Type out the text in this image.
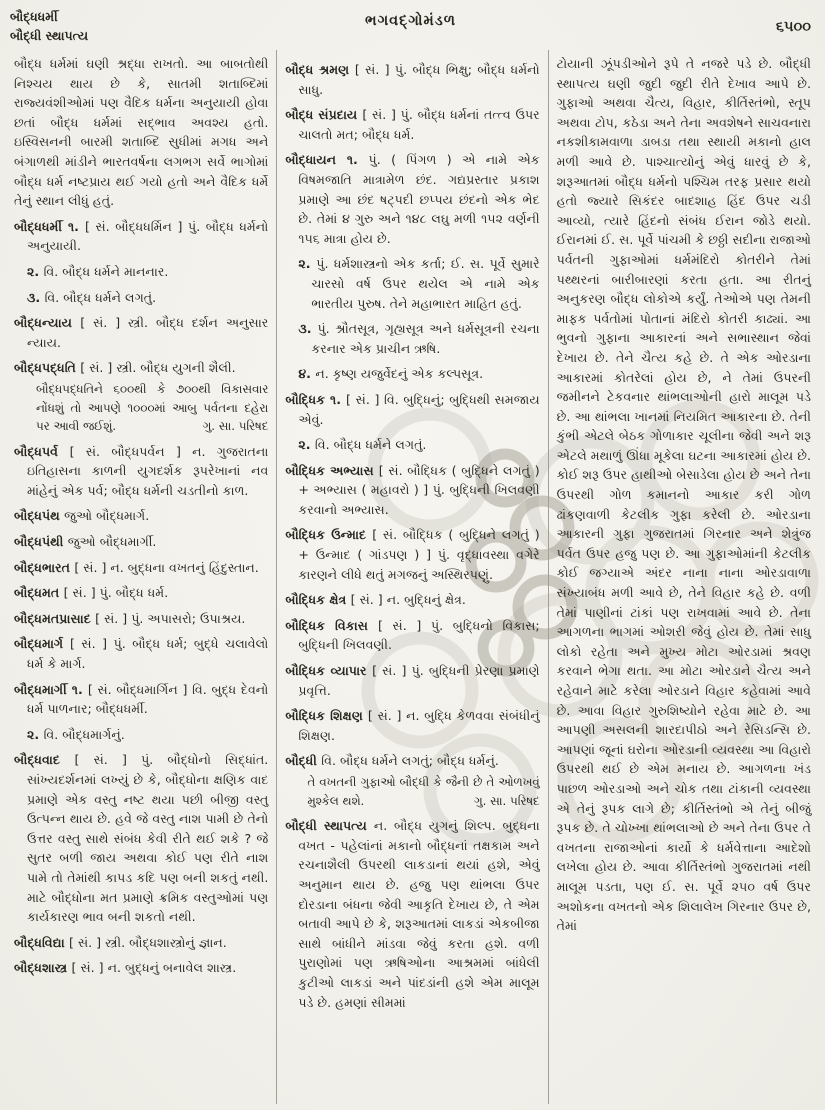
બૌદ્ધધર્મી
બૌદ્ધી સ્થાપત્ય
ભગવદ્‌ગોમંડળ	૬૫૦૦
બૌદ્ધ ધર્મમાં ઘણી શ્રદ્ધા રાખતો. આ બાબતોથી નિશ્ચય થાય છે કે, સાતમી શતાબ્દિમાં રાજ્યવંશીઓમાં પણ વૈદિક ધર્મના અનુયાયી હોવા છતાં બૌદ્ધ ધર્મમાં સદ્ભાવ અવશ્ય હતો. ઇસ્વિસનની બારમી શતાબ્દિ સુધીમાં મગધ અને બંગાળથી માંડીને ભારતવર્ષના લગભગ સર્વે ભાગોમાં બૌદ્ધ ધર્મ નષ્ટપ્રાય થઈ ગયો હતો અને વૈદિક ધર્મે તેનું સ્થાન લીધું હતું.
બૌદ્ધધર્મી ૧. [ સં. બૌદ્ધધર્મિન ] પું. બૌદ્ધ ધર્મનો અનુયાયી.
૨. વિ. બૌદ્ધ ધર્મને માનનાર.
૩. વિ. બૌદ્ધ ધર્મને લગતું.
બૌદ્ધન્યાય [ સં. ] સ્ત્રી. બૌદ્ધ દર્શન અનુસાર ન્યાય.
બૌદ્ધપદ્ધતિ [ સં. ] સ્ત્રી. બૌદ્ધ યુગની શૈલી.
બૌદ્ધપદ્ધતિને ૬૦૦થી કે ૭૦૦થી વિકાસવાર નોંધશું તો આપણે ૧૦૦૦માં આબુ પર્વતના દહેરા પર આવી જઈશું.	ગુ. સા. પરિષદ
બૌદ્ધપર્વ [ સં. બૌદ્ધપર્વન ] ન. ગુજરાતના ઇતિહાસના કાળની યુગદર્શક રૂપરેખાનાં નવ માંહેનું એક પર્વ; બૌદ્ધ ધર્મની ચડતીનો કાળ.
બૌદ્ધપંથ જુઓ બૌદ્ધમાર્ગ.
બૌદ્ધપંથી જુઓ બૌદ્ધમાર્ગી.
બૌદ્ધભારત [ સં. ] ન. બુદ્ધના વખતનું હિંદુસ્તાન.
બૌદ્ધમત [ સં. ] પું. બૌદ્ધ ધર્મ.
બૌદ્ધમતપ્રાસાદ [ સં. ] પું. અપાસરો; ઉપાશ્રય.
બૌદ્ધમાર્ગ [ સં. ] પું. બૌદ્ધ ધર્મ; બુદ્ધે ચલાવેલો ધર્મ કે માર્ગ.
બૌદ્ધમાર્ગી ૧. [ સં. બૌદ્ધમાર્ગિન ] વિ. બુદ્ધ દેવનો ધર્મ પાળનાર; બૌદ્ધધર્મી.
૨. વિ. બૌદ્ધમાર્ગનું.
બૌદ્ધવાદ [ સં. ] પું. બૌદ્ધોનો સિદ્ધાંત. સાંખ્યદર્શનમાં લખ્યું છે કે, બૌદ્ધોના ક્ષણિક વાદ પ્રમાણે એક વસ્તુ નષ્ટ થયા પછી બીજી વસ્તુ ઉત્પન્ન થાય છે. હવે જે વસ્તુ નાશ પામી છે તેનો ઉત્તર વસ્તુ સાથે સંબંધ કેવી રીતે થઈ શકે ? જે સુતર બળી જાય અથવા કોઈ પણ રીતે નાશ પામે તો તેમાંથી કાપડ કદિ પણ બની શકતું નથી. માટે બૌદ્ધોના મત પ્રમાણે ક્રમિક વસ્તુઓમાં પણ કાર્યકારણ ભાવ બની શકતો નથી.
બૌદ્ધવિદ્યા [ સં. ] સ્ત્રી. બૌદ્ધશાસ્ત્રોનું જ્ઞાન.
બૌદ્ધશાસ્ત્ર [ સં. ] ન. બુદ્ધનું બનાવેલ શાસ્ત્ર.
બૌદ્ધ શ્રમણ [ સં. ] પું. બૌદ્ધ ભિક્ષુ; બૌદ્ધ ધર્મનો સાધુ.
બૌદ્ધ સંપ્રદાય [ સં. ] પું. બૌદ્ધ ધર્મનાં તત્ત્વ ઉપર ચાલતો મત; બૌદ્ધ ધર્મ.
બૌદ્ધાયન ૧. પું. ( પિંગળ ) એ નામે એક વિષમજાતિ માત્રામેળ છંદ. ગદ્યપ્રસ્તાર પ્રકાશ પ્રમાણે આ છંદ ષટ્પદી છપ્પય છંદનો એક ભેદ છે. તેમાં ૪ ગુરુ અને ૧૪૮ લઘુ મળી ૧૫૨ વર્ણની ૧૫૬ માત્રા હોય છે.
૨. પું. ધર્મશાસ્ત્રનો એક કર્તા; ઈ. સ. પૂર્વે સુમારે ચારસો વર્ષ ઉપર થયેલ એ નામે એક ભારતીય પુરુષ. તેને મહાભારત માહિત હતું.
૩. પું. શ્રૌતસૂત્ર, ગૃહ્યસૂત્ર અને ધર્મસૂત્રની રચના કરનાર એક પ્રાચીન ઋષિ.
૪. ન. કૃષ્ણ યજુર્વેદનું એક કલ્પસૂત્ર.
બૌદ્ધિક ૧. [ સં. ] વિ. બુદ્ધિનું; બુદ્ધિથી સમજાય એવું.
૨. વિ. બૌદ્ધ ધર્મને લગતું.
બૌદ્ધિક અભ્યાસ [ સં. બૌદ્ધિક ( બુદ્ધિને લગતું ) + અભ્યાસ ( મહાવરો ) ] પું. બુદ્ધિની ખિલવણી કરવાનો અભ્યાસ.
બૌદ્ધિક ઉન્માદ [ સં. બૌદ્ધિક ( બુદ્ધિને લગતું ) + ઉન્માદ ( ગાંડપણ ) ] પું. વૃદ્ધાવસ્થા વગેરે કારણને લીધે થતું મગજનું અસ્થિરપણું.
બૌદ્ધિક ક્ષેત્ર [ સં. ] ન. બુદ્ધિનું ક્ષેત્ર.
બૌદ્ધિક વિકાસ [ સં. ] પું. બુદ્ધિનો વિકાસ; બુદ્ધિની ખિલવણી.
બૌદ્ધિક વ્યાપાર [ સં. ] પું. બુદ્ધિની પ્રેરણા પ્રમાણે પ્રવૃત્તિ.
બૌદ્ધિક શિક્ષણ [ સં. ] ન. બુદ્ધિ કેળવવા સંબંધીનું શિક્ષણ.
બૌદ્ધી વિ. બૌદ્ધ ધર્મને લગતું; બૌદ્ધ ધર્મનું.
તે વખતની ગુફાઓ બૌદ્ધી કે જૈની છે તે ઓળખવું મુશ્કેલ થશે.	ગુ. સા. પરિષદ
બૌદ્ધી સ્થાપત્ય ન. બૌદ્ધ યુગનું શિલ્પ. બુદ્ધના વખત - પહેલાંનાં મકાનો બૌદ્ધનાં તક્ષકામ અને રચનાશૈલી ઉપરથી લાકડાનાં થયાં હશે, એવું અનુમાન થાય છે. હજુ પણ થાંભલા ઉપર દોરડાના બંધના જેવી આકૃતિ દેખાય છે, તે એમ બતાવી આપે છે કે, શરૂઆતમાં લાકડાં એકબીજા સાથે બાંધીને માંડવા જેવું કરતા હશે. વળી પુરાણોમાં પણ ઋષિઓના આશ્રમમાં બાંધેલી કુટીઓ લાકડાં અને પાંદડાંની હશે એમ માલૂમ પડે છે. હમણાં સીમમાં
ટોયાની ઝૂંપડીઓને રૂપે તે નજરે પડે છે. બૌદ્ધી સ્થાપત્ય ઘણી જુદી જુદી રીતે દેખાવ આપે છે. ગુફાઓ અથવા ચૈત્ય, વિહાર, કીર્તિસ્તંભો, સ્તૂપ અથવા ટોપ, કઠેડા અને તેના અવશેષને સાચવનારા નકશીકામવાળા ડાબડા તથા સ્થાયી મકાનો હાલ મળી આવે છે. પાશ્ચાત્યોનું એવું ધારવું છે કે, શરૂઆતમાં બૌદ્ધ ધર્મનો પશ્ચિમ તરફ પ્રસાર થયો હતો જ્યારે સિકંદર બાદશાહ હિંદ ઉપર ચડી આવ્યો, ત્યારે હિંદનો સંબંધ ઈરાન જોડે થયો. ઈરાનમાં ઈ. સ. પૂર્વે પાંચમી કે છઠ્ઠી સદીના રાજાઓ પર્વતની ગુફાઓમાં ધર્મમંદિરો કોતરીને તેમાં પથ્થરનાં બારીબારણાં કરતા હતા. આ રીતનું અનુકરણ બૌદ્ધ લોકોએ કર્યું. તેઓએ પણ તેમની માફક પર્વતોમાં પોતાનાં મંદિરો કોતરી કાઢ્યાં. આ ભુવનો ગુફાના આકારનાં અને સભાસ્થાન જેવાં દેખાય છે. તેને ચૈત્ય કહે છે. તે એક ઓરડાના આકારમાં કોતરેલાં હોય છે, ને તેમાં ઉપરની જમીનને ટેકવનાર થાંભલાઓની હારો માલૂમ પડે છે. આ થાંભલા ખાનમાં નિયમિત આકારના છે. તેની કુંભી એટલે બેઠક ગોળાકાર ચૂલીના જેવી અને શરૂ એટલે મથાળું ઊંધા મૂકેલા ઘટના આકારમાં હોય છે. કોઈ શરૂ ઉપર હાથીઓ બેસાડેલા હોય છે અને તેના ઉપરથી ગોળ કમાનનો આકાર કરી ગોળ ઢાંકણવાળી કેટલીક ગુફા કરેલી છે. ઓરડાના આકારની ગુફા ગુજરાતમાં ગિરનાર અને શેત્રુંજ પર્વત ઉપર હજુ પણ છે. આ ગુફાઓમાંની કેટલીક કોઈ જગ્યાએ અંદર નાના નાના ઓરડાવાળા સંખ્યાબંધ મળી આવે છે, તેને વિહાર કહે છે. વળી તેમાં પાણીનાં ટાંકાં પણ રાખવામાં આવે છે. તેના આગળના ભાગમાં ઓશરી જેવું હોય છે. તેમાં સાધુ લોકો રહેતા અને મુખ્ય મોટા ઓરડામાં શ્રવણ કરવાને ભેગા થતા. આ મોટા ઓરડાને ચૈત્ય અને રહેવાને માટે કરેલા ઓરડાને વિહાર કહેવામાં આવે છે. આવા વિહાર ગુરુશિષ્યોને રહેવા માટે છે. આ આપણી અસલની શારદાપીઠો અને રેસિડન્સિ છે. આપણાં જૂનાં ઘરોના ઓરડાની વ્યવસ્થા આ વિહારો ઉપરથી થઈ છે એમ મનાય છે. આગળના ખંડ પાછળ ઓરડાઓ અને ચોક તથા ટાંકાની વ્યવસ્થા એ તેનું રૂપક લાગે છે; કીર્તિસ્તંભો એ તેનું બીજું રૂપક છે. તે ચોખ્ખા થાંભલાઓ છે અને તેના ઉપર તે વખતના રાજાઓનાં કાર્યો કે ધર્મવેત્તાના આદેશો લખેલા હોય છે. આવા કીર્તિસ્તંભો ગુજરાતમાં નથી માલૂમ પડતા, પણ ઈ. સ. પૂર્વે ૨૫૦ વર્ષ ઉપર અશોકના વખતનો એક શિલાલેખ ગિરનાર ઉપર છે, તેમાં
